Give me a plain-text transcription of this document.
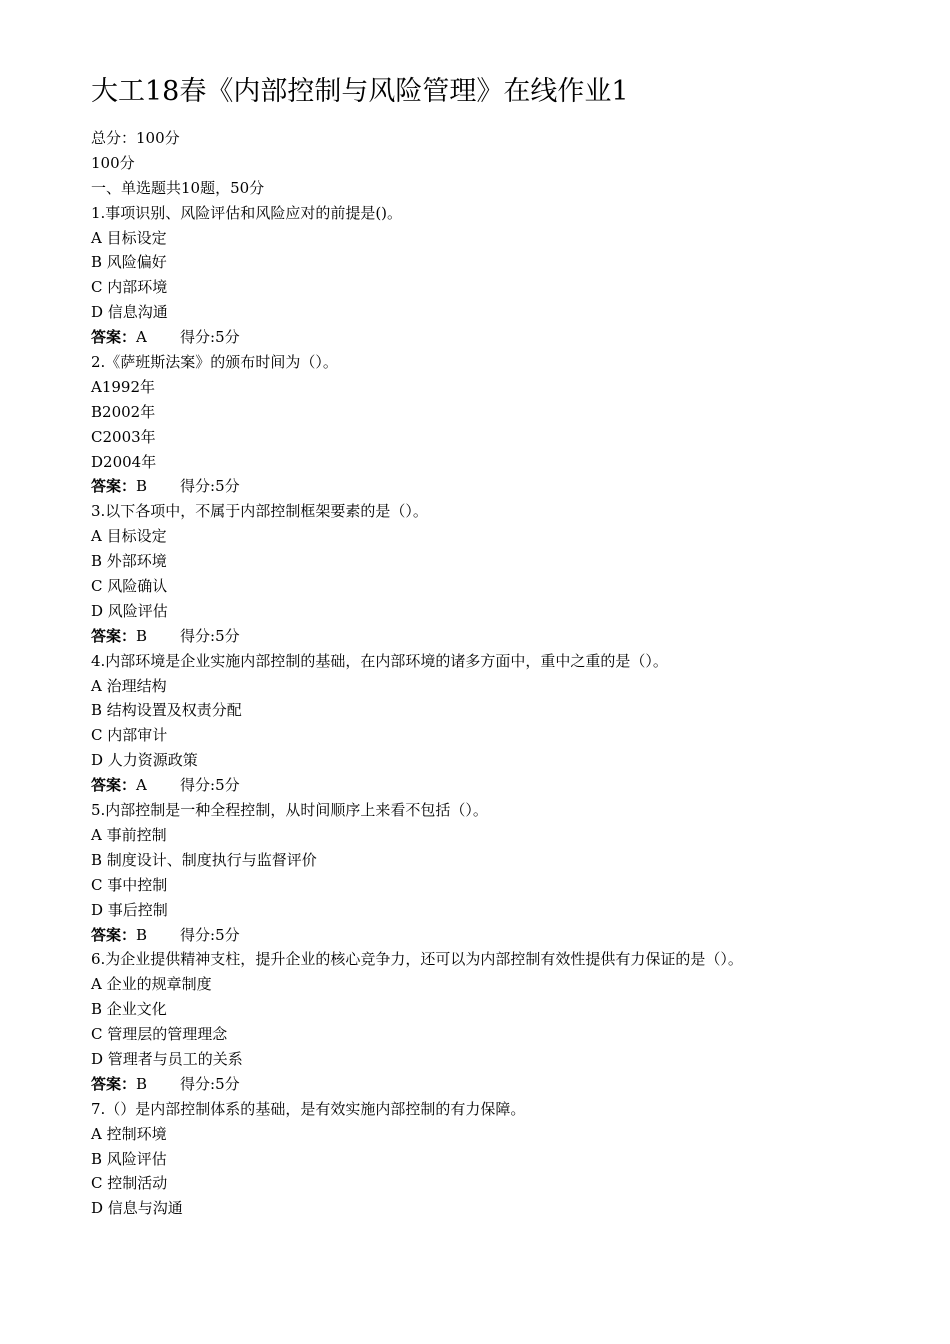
大工18春《内部控制与风险管理》在线作业1
总分：100分
100分
一、单选题共10题，50分
1.事项识别、风险评估和风险应对的前提是()。
A 目标设定
B 风险偏好
C 内部环境
D 信息沟通
答案：A 得分:5分
2.《萨班斯法案》的颁布时间为（）。
A1992年
B2002年
C2003年
D2004年
答案：B 得分:5分
3.以下各项中，不属于内部控制框架要素的是（）。
A 目标设定
B 外部环境
C 风险确认
D 风险评估
答案：B 得分:5分
4.内部环境是企业实施内部控制的基础，在内部环境的诸多方面中，重中之重的是（）。
A 治理结构
B 结构设置及权责分配
C 内部审计
D 人力资源政策
答案：A 得分:5分
5.内部控制是一种全程控制，从时间顺序上来看不包括（）。
A 事前控制
B 制度设计、制度执行与监督评价
C 事中控制
D 事后控制
答案：B 得分:5分
6.为企业提供精神支柱，提升企业的核心竞争力，还可以为内部控制有效性提供有力保证的是（）。
A 企业的规章制度
B 企业文化
C 管理层的管理理念
D 管理者与员工的关系
答案：B 得分:5分
7.（）是内部控制体系的基础，是有效实施内部控制的有力保障。
A 控制环境
B 风险评估
C 控制活动
D 信息与沟通
